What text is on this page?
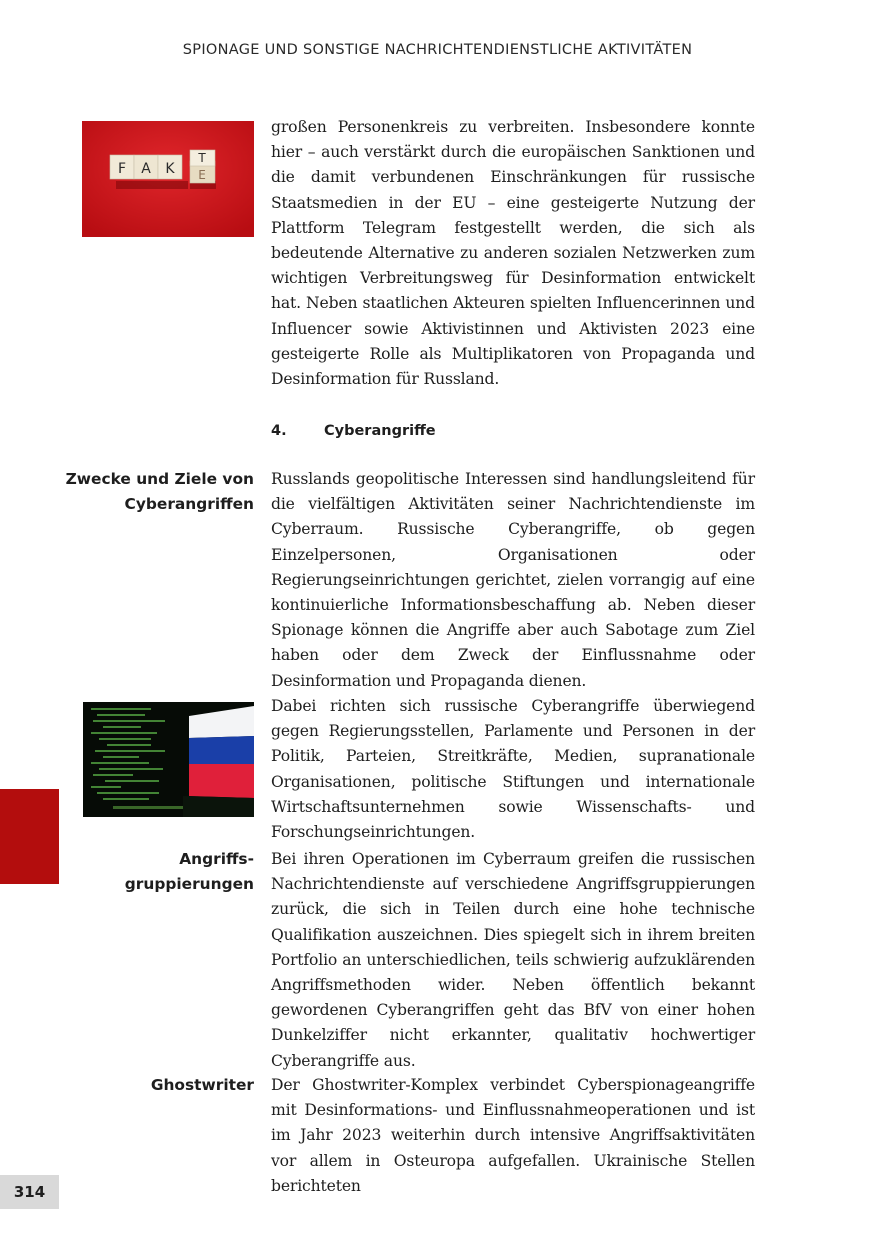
SPIONAGE UND SONSTIGE NACHRICHTENDIENSTLICHE AKTIVITÄTEN
F A K E
T
großen Personenkreis zu verbreiten. Insbesondere konnte hier – auch verstärkt durch die europäischen Sanktionen und die damit verbundenen Einschränkungen für russische Staatsmedien in der EU – eine gesteigerte Nutzung der Plattform Telegram festgestellt werden, die sich als bedeutende Alternative zu anderen sozialen Netzwerken zum wichtigen Verbreitungsweg für Desinformation entwickelt hat. Neben staatlichen Akteuren spielten Influencerinnen und Influencer sowie Aktivistinnen und Aktivisten 2023 eine gesteigerte Rolle als Multiplikatoren von Propaganda und Desinformation für Russland.
4.	Cyberangriffe
Zwecke und Ziele von
Cyberangriffen
Russlands geopolitische Interessen sind handlungsleitend für die vielfältigen Aktivitäten seiner Nachrichtendienste im Cyberraum. Russische Cyberangriffe, ob gegen Einzelpersonen, Organisationen oder Regierungseinrichtungen gerichtet, zielen vorrangig auf eine kontinuierliche Informationsbeschaffung ab. Neben dieser Spionage können die Angriffe aber auch Sabotage zum Ziel haben oder dem Zweck der Einflussnahme oder Desinformation und Propaganda dienen.
Dabei richten sich russische Cyberangriffe überwiegend gegen Regierungsstellen, Parlamente und Personen in der Politik, Parteien, Streitkräfte, Medien, supranationale Organisationen, politische Stiftungen und internationale Wirtschaftsunternehmen sowie Wissenschafts- und Forschungseinrichtungen.
Angriffs-
gruppierungen
Bei ihren Operationen im Cyberraum greifen die russischen Nachrichtendienste auf verschiedene Angriffsgruppierungen zurück, die sich in Teilen durch eine hohe technische Qualifikation auszeichnen. Dies spiegelt sich in ihrem breiten Portfolio an unterschiedlichen, teils schwierig aufzuklärenden Angriffsmethoden wider. Neben öffentlich bekannt gewordenen Cyberangriffen geht das BfV von einer hohen Dunkelziffer nicht erkannter, qualitativ hochwertiger Cyberangriffe aus.
Ghostwriter Der Ghostwriter-Komplex verbindet Cyberspionageangriffe mit Desinformations- und Einflussnahmeoperationen und ist im Jahr 2023 weiterhin durch intensive Angriffsaktivitäten vor allem in Osteuropa aufgefallen. Ukrainische Stellen berichteten
314
